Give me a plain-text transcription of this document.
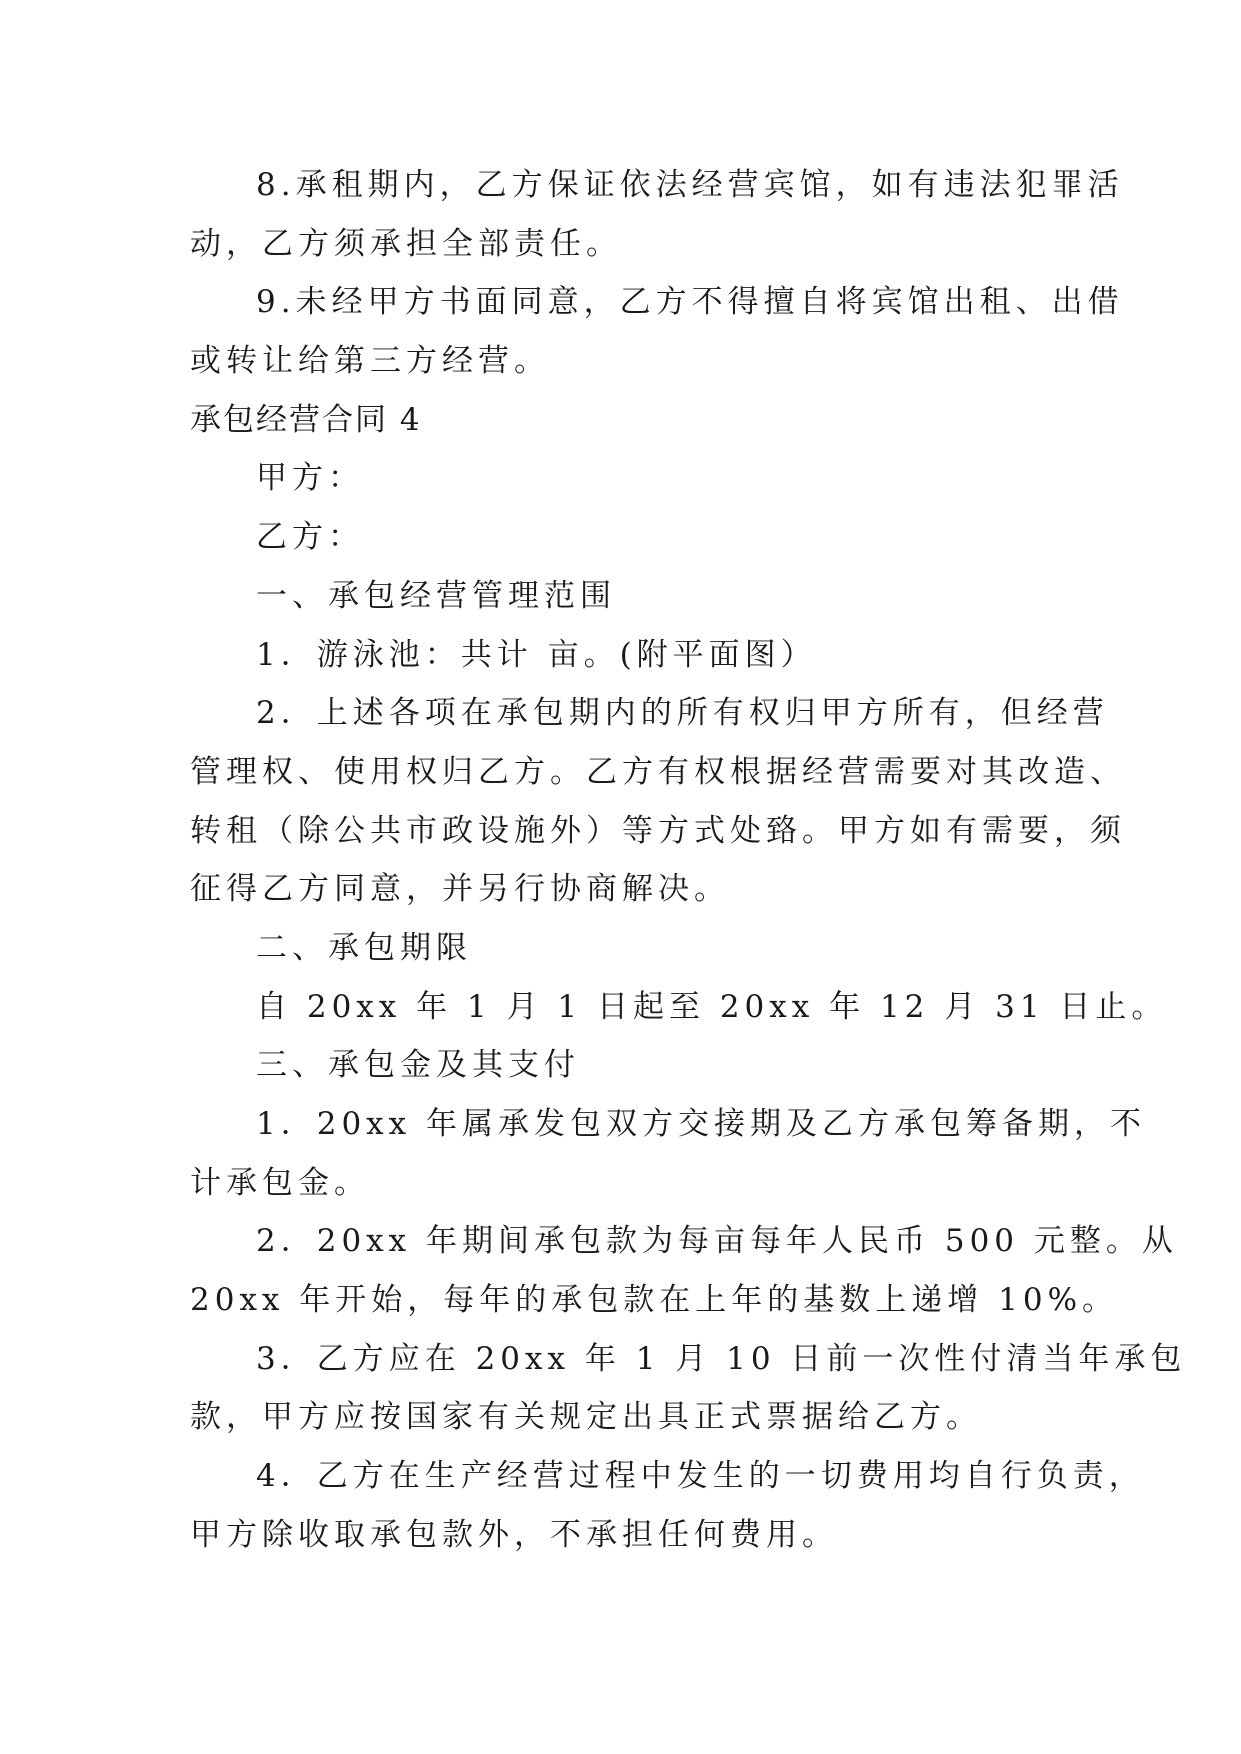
8.承租期内，乙方保证依法经营宾馆，如有违法犯罪活
动，乙方须承担全部责任。
9.未经甲方书面同意，乙方不得擅自将宾馆出租、出借
或转让给第三方经营。
承包经营合同 4
甲方：
乙方：
一、承包经营管理范围
1．游泳池：共计 亩。(附平面图）
2．上述各项在承包期内的所有权归甲方所有，但经营
管理权、使用权归乙方。乙方有权根据经营需要对其改造、
转租（除公共市政设施外）等方式处臵。甲方如有需要，须
征得乙方同意，并另行协商解决。
二、承包期限
自 20xx 年 1 月 1 日起至 20xx 年 12 月 31 日止。
三、承包金及其支付
1．20xx 年属承发包双方交接期及乙方承包筹备期，不
计承包金。
2．20xx 年期间承包款为每亩每年人民币 500 元整。从
20xx 年开始，每年的承包款在上年的基数上递增 10%。
3．乙方应在 20xx 年 1 月 10 日前一次性付清当年承包
款，甲方应按国家有关规定出具正式票据给乙方。
4．乙方在生产经营过程中发生的一切费用均自行负责，
甲方除收取承包款外，不承担任何费用。
